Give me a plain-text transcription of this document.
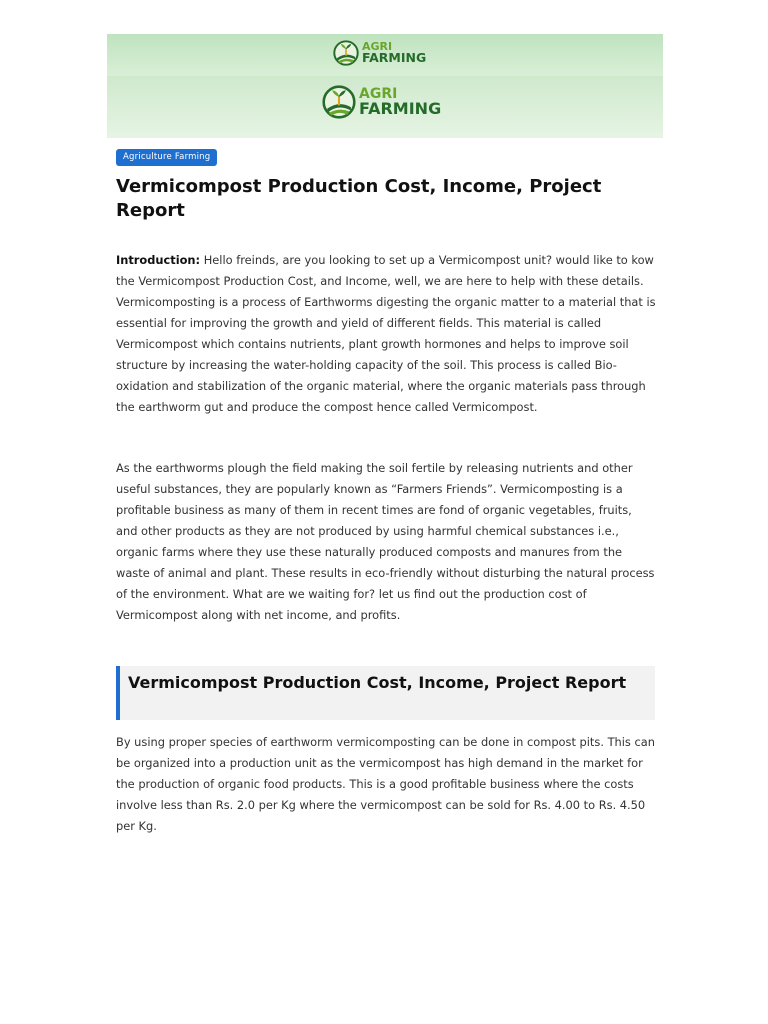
AGRI
FARMING
AGRI
FARMING
Agriculture Farming
Vermicompost Production Cost, Income, Project Report

Introduction: Hello freinds, are you looking to set up a Vermicompost unit? would like to kow the Vermicompost Production Cost, and Income, well, we are here to help with these details. Vermicomposting is a process of Earthworms digesting the organic matter to a material that is essential for improving the growth and yield of different fields. This material is called Vermicompost which contains nutrients, plant growth hormones and helps to improve soil structure by increasing the water-holding capacity of the soil. This process is called Bio-oxidation and stabilization of the organic material, where the organic materials pass through the earthworm gut and produce the compost hence called Vermicompost.

As the earthworms plough the field making the soil fertile by releasing nutrients and other useful substances, they are popularly known as “Farmers Friends”. Vermicomposting is a profitable business as many of them in recent times are fond of organic vegetables, fruits, and other products as they are not produced by using harmful chemical substances i.e., organic farms where they use these naturally produced composts and manures from the waste of animal and plant. These results in eco-friendly without disturbing the natural process of the environment. What are we waiting for? let us find out the production cost of Vermicompost along with net income, and profits.

Vermicompost Production Cost, Income, Project Report

By using proper species of earthworm vermicomposting can be done in compost pits. This can be organized into a production unit as the vermicompost has high demand in the market for the production of organic food products. This is a good profitable business where the costs involve less than Rs. 2.0 per Kg where the vermicompost can be sold for Rs. 4.00 to Rs. 4.50 per Kg.
